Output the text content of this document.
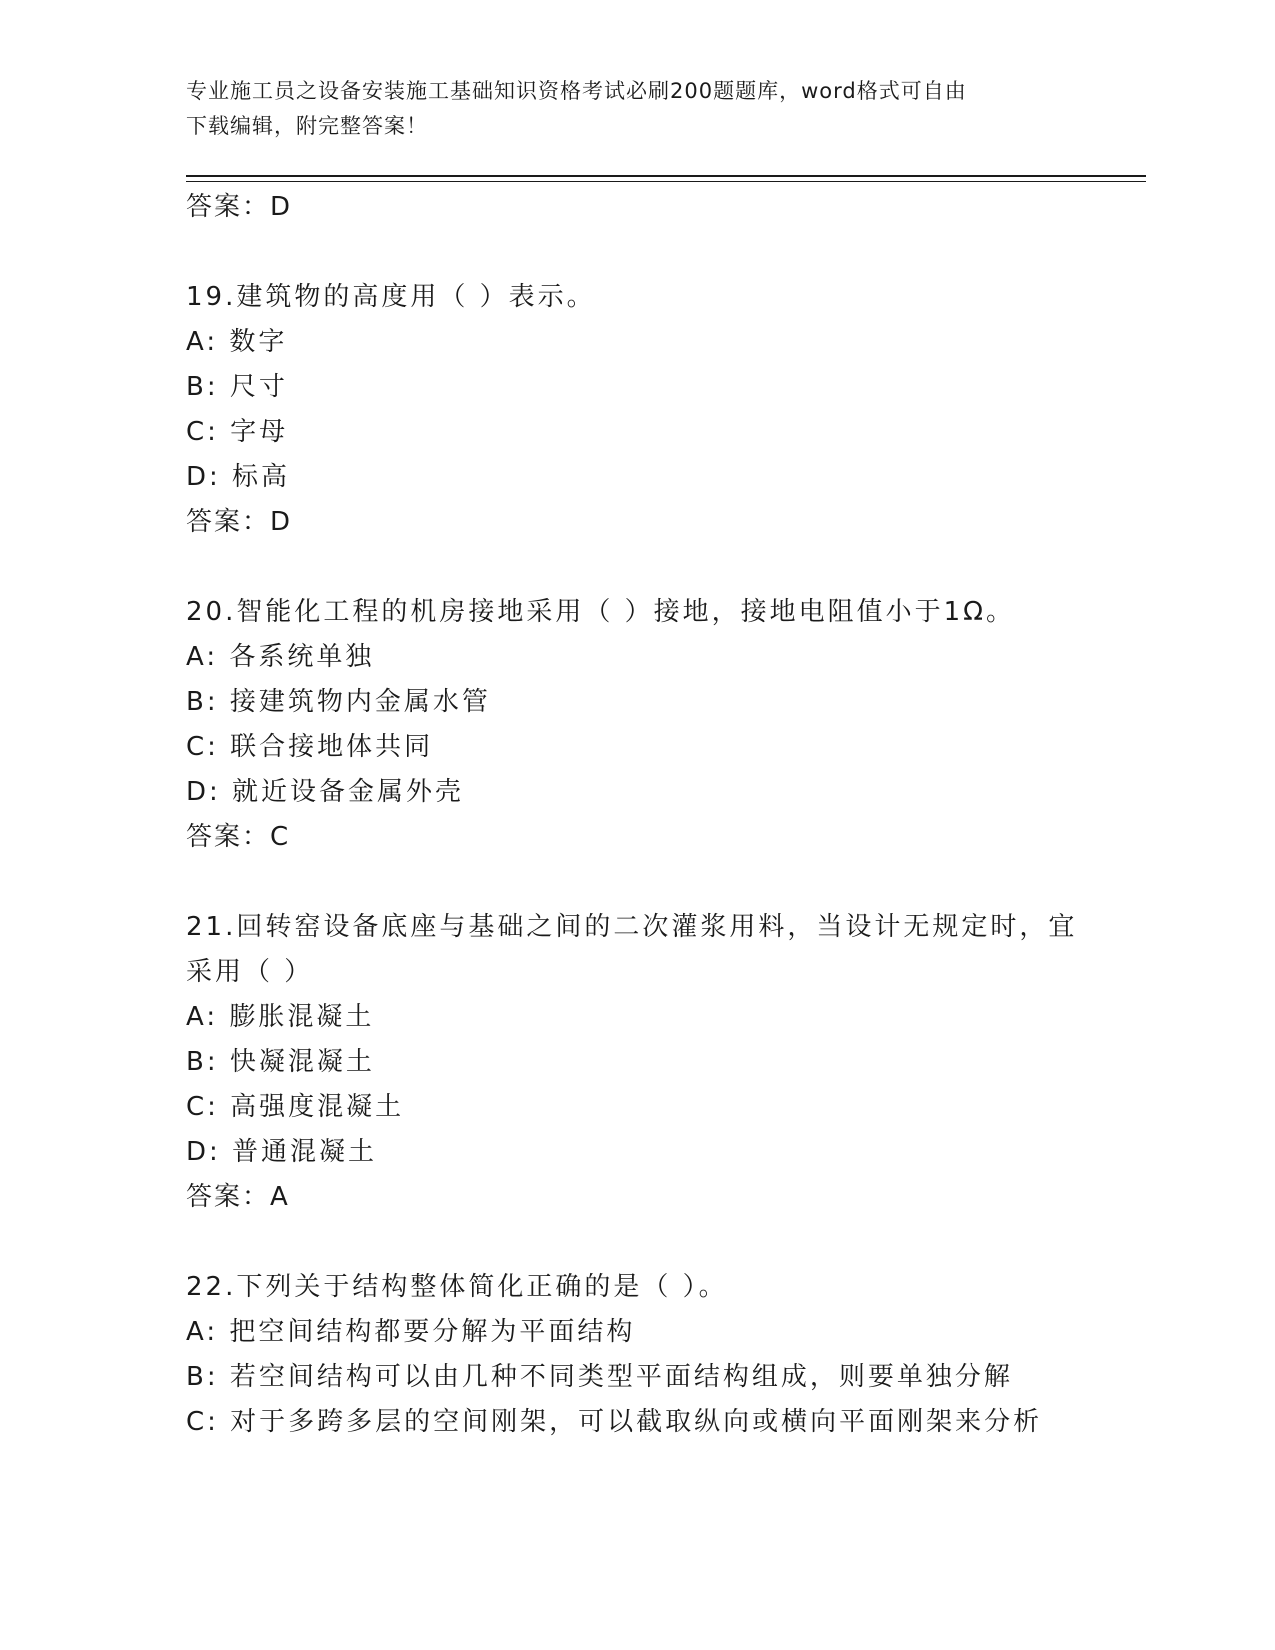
专业施工员之设备安装施工基础知识资格考试必刷200题题库，word格式可自由
下载编辑，附完整答案！
答案：D
19.建筑物的高度用（ ）表示。
A: 数字
B: 尺寸
C: 字母
D: 标高
答案：D
20.智能化工程的机房接地采用（ ）接地，接地电阻值小于1Ω。
A: 各系统单独
B: 接建筑物内金属水管
C: 联合接地体共同
D: 就近设备金属外壳
答案：C
21.回转窑设备底座与基础之间的二次灌浆用料，当设计无规定时，宜
采用（ ）
A: 膨胀混凝土
B: 快凝混凝土
C: 高强度混凝土
D: 普通混凝土
答案：A
22.下列关于结构整体简化正确的是（ ）。
A: 把空间结构都要分解为平面结构
B: 若空间结构可以由几种不同类型平面结构组成，则要单独分解
C: 对于多跨多层的空间刚架，可以截取纵向或横向平面刚架来分析
